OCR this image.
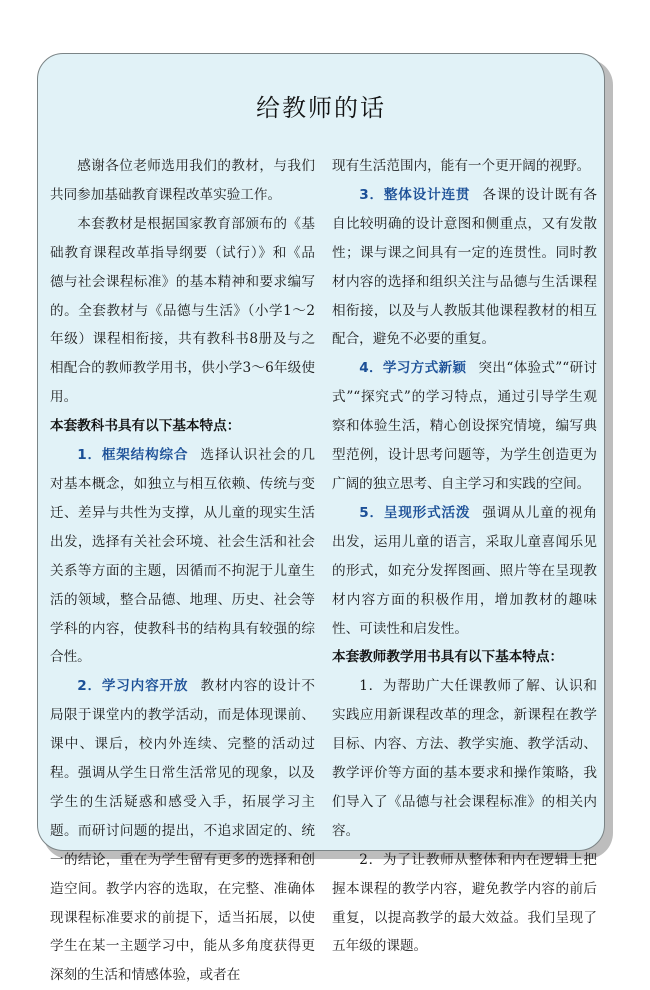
给教师的话

感谢各位老师选用我们的教材，与我们共同参加基础教育课程改革实验工作。

本套教材是根据国家教育部颁布的《基础教育课程改革指导纲要（试行）》和《品德与社会课程标准》的基本精神和要求编写的。全套教材与《品德与生活》（小学1～2年级）课程相衔接，共有教科书8册及与之相配合的教师教学用书，供小学3～6年级使用。

本套教科书具有以下基本特点：

1．框架结构综合 选择认识社会的几对基本概念，如独立与相互依赖、传统与变迁、差异与共性为支撑，从儿童的现实生活出发，选择有关社会环境、社会生活和社会关系等方面的主题，因循而不拘泥于儿童生活的领域，整合品德、地理、历史、社会等学科的内容，使教科书的结构具有较强的综合性。

2．学习内容开放 教材内容的设计不局限于课堂内的教学活动，而是体现课前、课中、课后，校内外连续、完整的活动过程。强调从学生日常生活常见的现象，以及学生的生活疑惑和感受入手，拓展学习主题。而研讨问题的提出，不追求固定的、统一的结论，重在为学生留有更多的选择和创造空间。教学内容的选取，在完整、准确体现课程标准要求的前提下，适当拓展，以使学生在某一主题学习中，能从多角度获得更深刻的生活和情感体验，或者在

现有生活范围内，能有一个更开阔的视野。

3．整体设计连贯 各课的设计既有各自比较明确的设计意图和侧重点，又有发散性；课与课之间具有一定的连贯性。同时教材内容的选择和组织关注与品德与生活课程相衔接，以及与人教版其他课程教材的相互配合，避免不必要的重复。

4．学习方式新颖 突出“体验式”“研讨式”“探究式”的学习特点，通过引导学生观察和体验生活，精心创设探究情境，编写典型范例，设计思考问题等，为学生创造更为广阔的独立思考、自主学习和实践的空间。

5．呈现形式活泼 强调从儿童的视角出发，运用儿童的语言，采取儿童喜闻乐见的形式，如充分发挥图画、照片等在呈现教材内容方面的积极作用，增加教材的趣味性、可读性和启发性。

本套教师教学用书具有以下基本特点：

1．为帮助广大任课教师了解、认识和实践应用新课程改革的理念，新课程在教学目标、内容、方法、教学实施、教学活动、教学评价等方面的基本要求和操作策略，我们导入了《品德与社会课程标准》的相关内容。

2．为了让教师从整体和内在逻辑上把握本课程的教学内容，避免教学内容的前后重复，以提高教学的最大效益。我们呈现了五年级的课题。
